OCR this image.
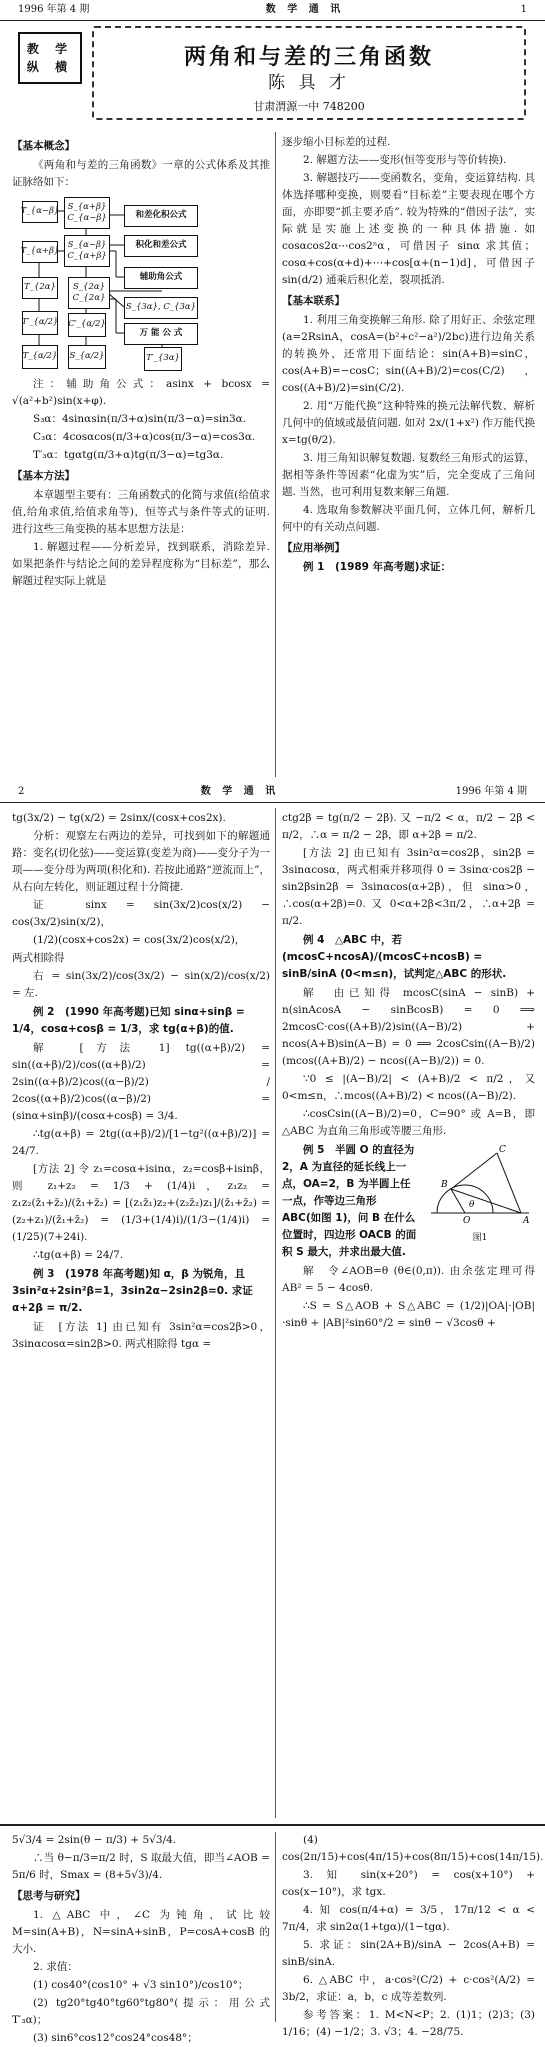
1996 年第 4 期	数 学 通 讯	1
教 学
纵 横	两角和与差的三角函数
陈 具 才
甘肃渭源一中 748200
【基本概念】
《两角和与差的三角函数》一章的公式体系及其推证脉络如下：
T_{α−β} S_{α+β} C_{α−β}
T_{α+β}
S_{α−β} C_{α+β}
和差化积公式
积化和差公式
辅助角公式
T_{2α}	S_{2α} C_{2α}
S_{3α}, C_{3α}
万 能 公 式
T′_{α/2} C′_{α/2}
T_{α/2} S_{α/2}	T′_{3α}
注：辅助角公式：asinx + bcosx = √(a²+b²)sin(x+φ).
S₃α：4sinαsin(π/3+α)sin(π/3−α)=sin3α.
C₃α：4cosαcos(π/3+α)cos(π/3−α)=cos3α.
T′₃α：tgαtg(π/3+α)tg(π/3−α)=tg3α.
【基本方法】
本章题型主要有：三角函数式的化简与求值(给值求值,给角求值,给值求角等)，恒等式与条件等式的证明. 进行这些三角变换的基本思想方法是：
1. 解题过程——分析差异，找到联系，消除差异. 如果把条件与结论之间的差异程度称为“目标差”，那么解题过程实际上就是
逐步缩小目标差的过程.
2. 解题方法——变形(恒等变形与等价转换).
3. 解题技巧——变函数名，变角，变运算结构. 具体选择哪种变换，则要看“目标差”主要表现在哪个方面，亦即要“抓主要矛盾”. 较为特殊的“借因子法”，实际就是实施上述变换的一种具体措施. 如 cosαcos2α⋯cos2ⁿα，可借因子 sinα 求其值；cosα+cos(α+d)+⋯+cos[α+(n−1)d]，可借因子 sin(d/2) 通乘后积化差，裂项抵消.
【基本联系】
1. 利用三角变换解三角形. 除了用好正、余弦定理(a=2RsinA，cosA=(b²+c²−a²)/2bc)进行边角关系的转换外，还常用下面结论：sin(A+B)=sinC，cos(A+B)=−cosC；sin((A+B)/2)=cos(C/2)，cos((A+B)/2)=sin(C/2).
2. 用“万能代换”这种特殊的换元法解代数、解析几何中的值域或最值问题. 如对 2x/(1+x²) 作万能代换 x=tg(θ/2).
3. 用三角知识解复数题. 复数经三角形式的运算，据相等条件等因素“化虚为实”后，完全变成了三角问题. 当然，也可利用复数来解三角题.
4. 选取角参数解决平面几何，立体几何，解析几何中的有关动点问题.
【应用举例】
例 1　(1989 年高考题)求证：
2	数 学 通 讯	1996 年第 4 期
tg(3x/2) − tg(x/2) = 2sinx/(cosx+cos2x).
分析：观察左右两边的差异，可找到如下的解题通路：变名(切化弦)——变运算(变差为商)——变分子为一项——变分母为两项(积化和). 若按此通路“逆流而上”，从右向左转化，则证题过程十分简捷.
证　sinx = sin(3x/2)cos(x/2) − cos(3x/2)sin(x/2)，
(1/2)(cosx+cos2x) = cos(3x/2)cos(x/2)，
两式相除得
右 = sin(3x/2)/cos(3x/2) − sin(x/2)/cos(x/2) = 左.
例 2　(1990 年高考题)已知 sinα+sinβ = 1/4，cosα+cosβ = 1/3，求 tg(α+β)的值.
解　[方法 1] tg((α+β)/2) = sin((α+β)/2)/cos((α+β)/2) = 2sin((α+β)/2)cos((α−β)/2) / 2cos((α+β)/2)cos((α−β)/2) = (sinα+sinβ)/(cosα+cosβ) = 3/4.
∴tg(α+β) = 2tg((α+β)/2)/[1−tg²((α+β)/2)] = 24/7.
[方法 2] 令 z₁=cosα+isinα，z₂=cosβ+isinβ，则 z₁+z₂ = 1/3 + (1/4)i，z₁z₂ = z₁z₂(z̄₁+z̄₂)/(z̄₁+z̄₂) = [(z₁z̄₁)z₂+(z₂z̄₂)z₁]/(z̄₁+z̄₂) = (z₂+z₁)/(z̄₁+z̄₂) = (1/3+(1/4)i)/(1/3−(1/4)i) = (1/25)(7+24i).
∴tg(α+β) = 24/7.
例 3　(1978 年高考题)知 α，β 为锐角，且 3sin²α+2sin²β=1，3sin2α−2sin2β=0. 求证 α+2β = π/2.
证　[方法 1] 由已知有 3sin²α=cos2β>0，3sinαcosα=sin2β>0. 两式相除得 tgα =
ctg2β = tg(π/2 − 2β). 又 −π/2 < α，π/2 − 2β < π/2，∴α = π/2 − 2β，即 α+2β = π/2.
[方法 2] 由已知有 3sin²α=cos2β，sin2β = 3sinαcosα，两式相乘并移项得 0 = 3sinα·cos2β − sin2βsin2β = 3sinαcos(α+2β)，但 sinα>0，∴cos(α+2β)=0. 又 0<α+2β<3π/2，∴α+2β = π/2.
例 4　△ABC 中，若 (mcosC+ncosA)/(mcosC+ncosB) = sinB/sinA (0<m≤n)，试判定△ABC 的形状.
解　由已知得 mcosC(sinA − sinB) + n(sinAcosA − sinBcosB) = 0 ⟹ 2mcosC·cos((A+B)/2)sin((A−B)/2) + ncos(A+B)sin(A−B) = 0 ⟹ 2cosCsin((A−B)/2)(mcos((A+B)/2) − ncos((A−B)/2)) = 0.
∵0 ≤ |(A−B)/2| < (A+B)/2 < π/2，又 0<m≤n，∴mcos((A+B)/2) < ncos((A−B)/2).
∴cosCsin((A−B)/2)=0，C=90° 或 A=B，即△ABC 为直角三角形或等腰三角形.
C
B
θ
O	A
图1
例 5　半圆 O 的直径为 2，A 为直径的延长线上一点，OA=2，B 为半圆上任一点，作等边三角形 ABC(如图 1)，问 B 在什么位置时，四边形 OACB 的面积 S 最大，并求出最大值.
解　令∠AOB=θ (θ∈(0,π)). 由余弦定理可得 AB² = 5 − 4cosθ.
∴S = S△AOB + S△ABC = (1/2)|OA|·|OB|·sinθ + |AB|²sin60°/2 = sinθ − √3cosθ +
5√3/4 = 2sin(θ − π/3) + 5√3/4.
∴当 θ−π/3=π/2 时，S 取最大值，即当∠AOB = 5π/6 时，Smax = (8+5√3)/4.
【思考与研究】
1. △ABC 中，∠C 为钝角，试比较 M=sin(A+B)，N=sinA+sinB，P=cosA+cosB 的大小.
2. 求值：
(1) cos40°(cos10° + √3 sin10°)/cos10°；
(2) tg20°tg40°tg60°tg80°(提示：用公式 T′₃α)；
(3) sin6°cos12°cos24°cos48°；
(4) cos(2π/15)+cos(4π/15)+cos(8π/15)+cos(14π/15).
3. 知 sin(x+20°) = cos(x+10°) + cos(x−10°)，求 tgx.
4. 知 cos(π/4+α) = 3/5，17π/12 < α < 7π/4，求 sin2α(1+tgα)/(1−tgα).
5. 求证：sin(2A+B)/sinA − 2cos(A+B) = sinB/sinA.
6. △ABC 中，a·cos²(C/2) + c·cos²(A/2) = 3b/2，求证：a，b，c 成等差数列.
参考答案：1. M<N<P；2. (1)1；(2)3；(3) 1/16；(4) −1/2；3. √3；4. −28/75.
